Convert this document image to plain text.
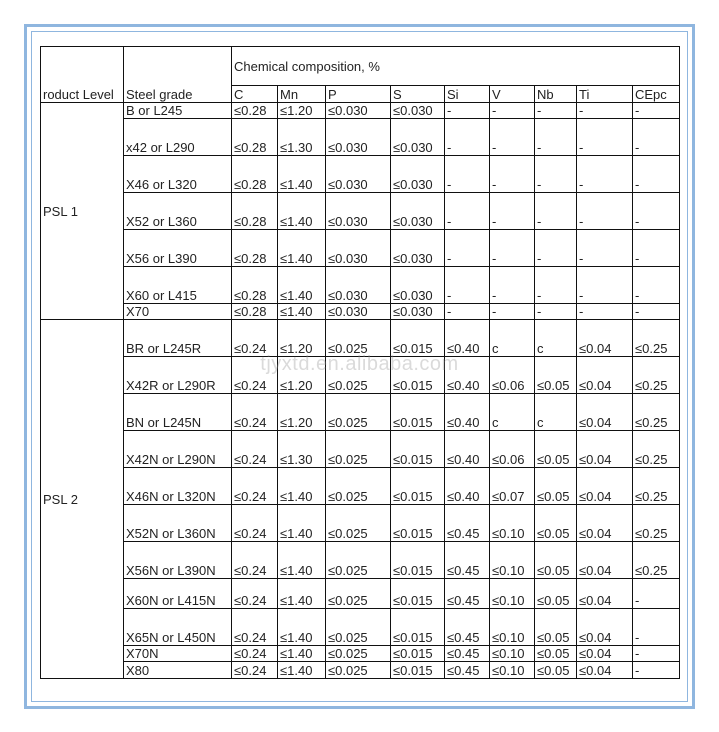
roduct Level	Steel grade	Chemical composition, %								
		C	Mn	P	S	Si	V	Nb	Ti	CEpc
PSL 1	B or L245	≤0.28	≤1.20	≤0.030	≤0.030	-	-	-	-	-
	x42 or L290	≤0.28	≤1.30	≤0.030	≤0.030	-	-	-	-	-
	X46 or L320	≤0.28	≤1.40	≤0.030	≤0.030	-	-	-	-	-
	X52 or L360	≤0.28	≤1.40	≤0.030	≤0.030	-	-	-	-	-
	X56 or L390	≤0.28	≤1.40	≤0.030	≤0.030	-	-	-	-	-
	X60 or L415	≤0.28	≤1.40	≤0.030	≤0.030	-	-	-	-	-
	X70	≤0.28	≤1.40	≤0.030	≤0.030	-	-	-	-	-
PSL 2	BR or L245R	≤0.24	≤1.20	≤0.025	≤0.015	≤0.40	c	c	≤0.04	≤0.25
	X42R or L290R	≤0.24	≤1.20	≤0.025	≤0.015	≤0.40	≤0.06	≤0.05	≤0.04	≤0.25
	BN or L245N	≤0.24	≤1.20	≤0.025	≤0.015	≤0.40	c	c	≤0.04	≤0.25
	X42N or L290N	≤0.24	≤1.30	≤0.025	≤0.015	≤0.40	≤0.06	≤0.05	≤0.04	≤0.25
	X46N or L320N	≤0.24	≤1.40	≤0.025	≤0.015	≤0.40	≤0.07	≤0.05	≤0.04	≤0.25
	X52N or L360N	≤0.24	≤1.40	≤0.025	≤0.015	≤0.45	≤0.10	≤0.05	≤0.04	≤0.25
	X56N or L390N	≤0.24	≤1.40	≤0.025	≤0.015	≤0.45	≤0.10	≤0.05	≤0.04	≤0.25
	X60N or L415N	≤0.24	≤1.40	≤0.025	≤0.015	≤0.45	≤0.10	≤0.05	≤0.04	-
	X65N or L450N	≤0.24	≤1.40	≤0.025	≤0.015	≤0.45	≤0.10	≤0.05	≤0.04	-
	X70N	≤0.24	≤1.40	≤0.025	≤0.015	≤0.45	≤0.10	≤0.05	≤0.04	-
	X80	≤0.24	≤1.40	≤0.025	≤0.015	≤0.45	≤0.10	≤0.05	≤0.04	-
tjyxtd.en.alibaba.com
